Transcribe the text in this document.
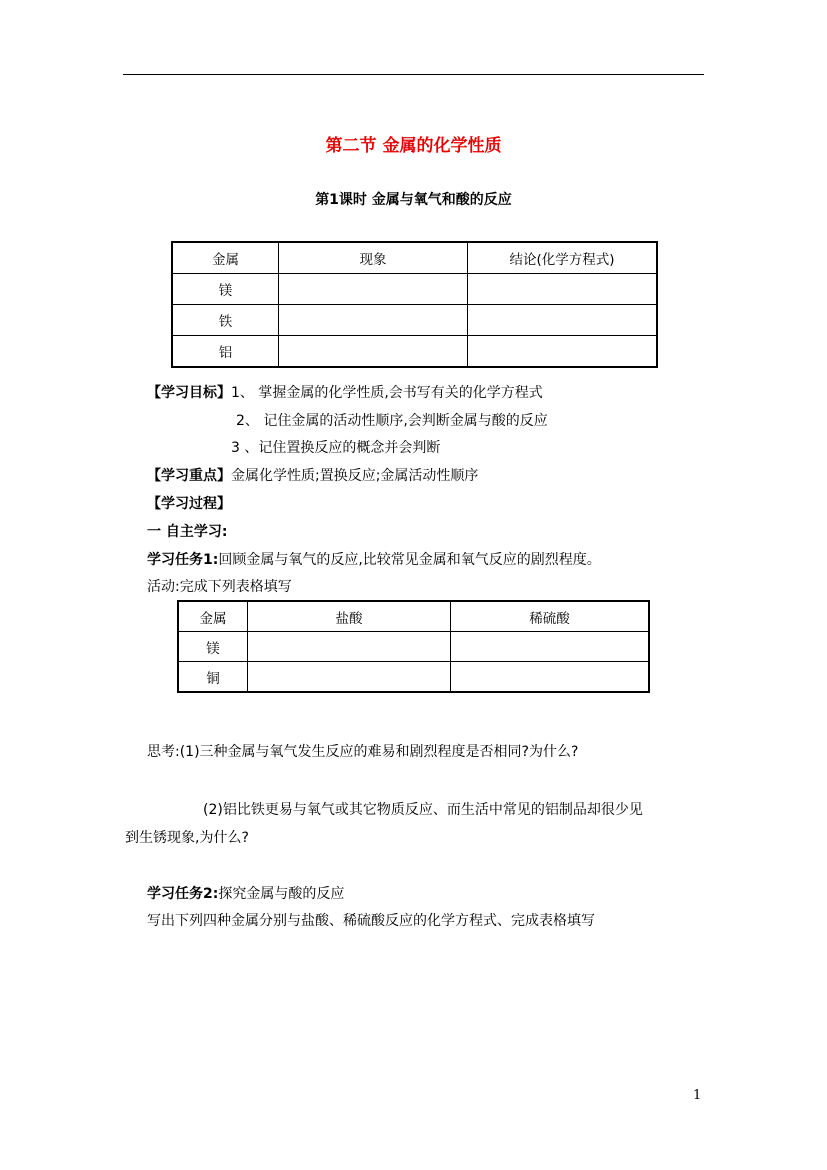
第二节 金属的化学性质
第1课时 金属与氧气和酸的反应
金属	现象	结论(化学方程式)
镁		
铁		
铝		
【学习目标】1、 掌握金属的化学性质,会书写有关的化学方程式
2、 记住金属的活动性顺序,会判断金属与酸的反应
3 、记住置换反应的概念并会判断
【学习重点】金属化学性质;置换反应;金属活动性顺序
【学习过程】
一 自主学习:
学习任务1:回顾金属与氧气的反应,比较常见金属和氧气反应的剧烈程度。
活动:完成下列表格填写
金属	盐酸	稀硫酸
镁		
铜		
思考:(1)三种金属与氧气发生反应的难易和剧烈程度是否相同?为什么?
(2)铝比铁更易与氧气或其它物质反应、而生活中常见的铝制品却很少见
到生锈现象,为什么?
学习任务2:探究金属与酸的反应
写出下列四种金属分别与盐酸、稀硫酸反应的化学方程式、完成表格填写
1
